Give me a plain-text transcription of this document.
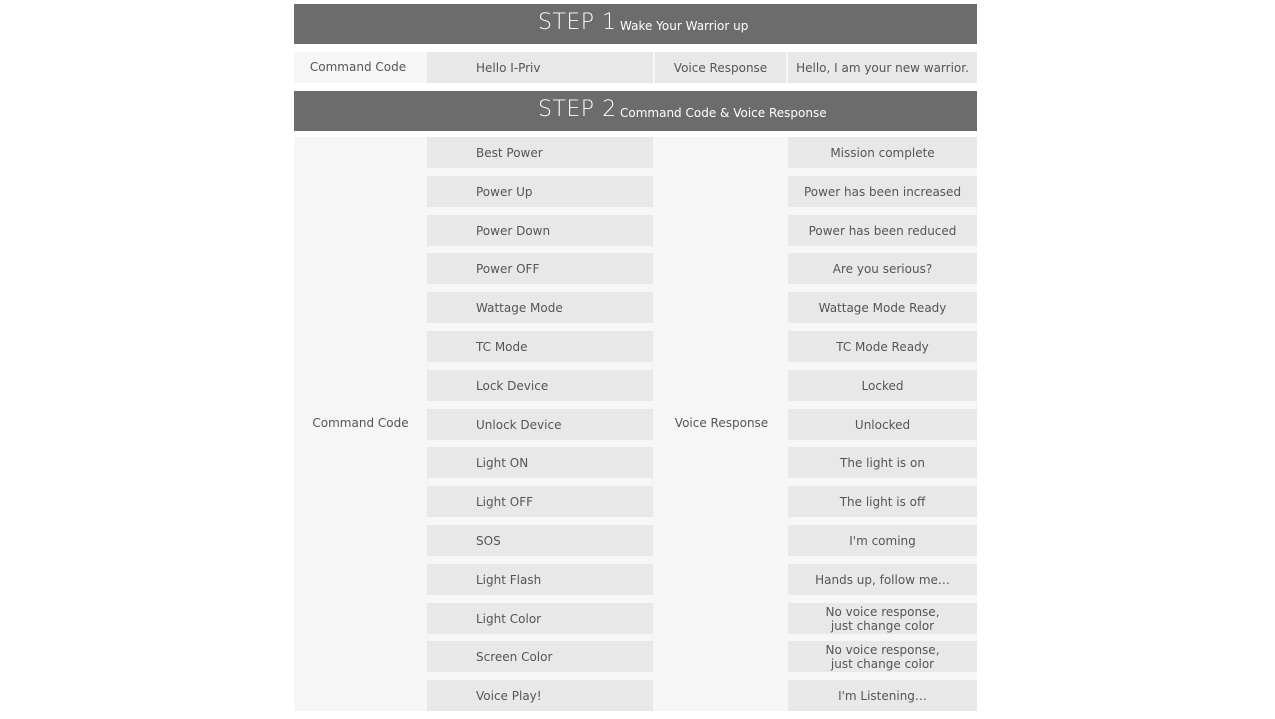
STEP 1 Wake Your Warrior up
Command Code	Hello I-Priv	Voice Response	Hello, I am your new warrior.
STEP 2 Command Code & Voice Response
Command Code	Voice Response
Best Power	Mission complete
Power Up	Power has been increased
Power Down	Power has been reduced
Power OFF	Are you serious?
Wattage Mode	Wattage Mode Ready
TC Mode	TC Mode Ready
Lock Device	Locked
Unlock Device	Unlocked
Light ON	The light is on
Light OFF	The light is off
SOS	I'm coming
Light Flash	Hands up, follow me…
Light Color	No voice response,
just change color
Screen Color	No voice response,
just change color
Voice Play!	I'm Listening…
